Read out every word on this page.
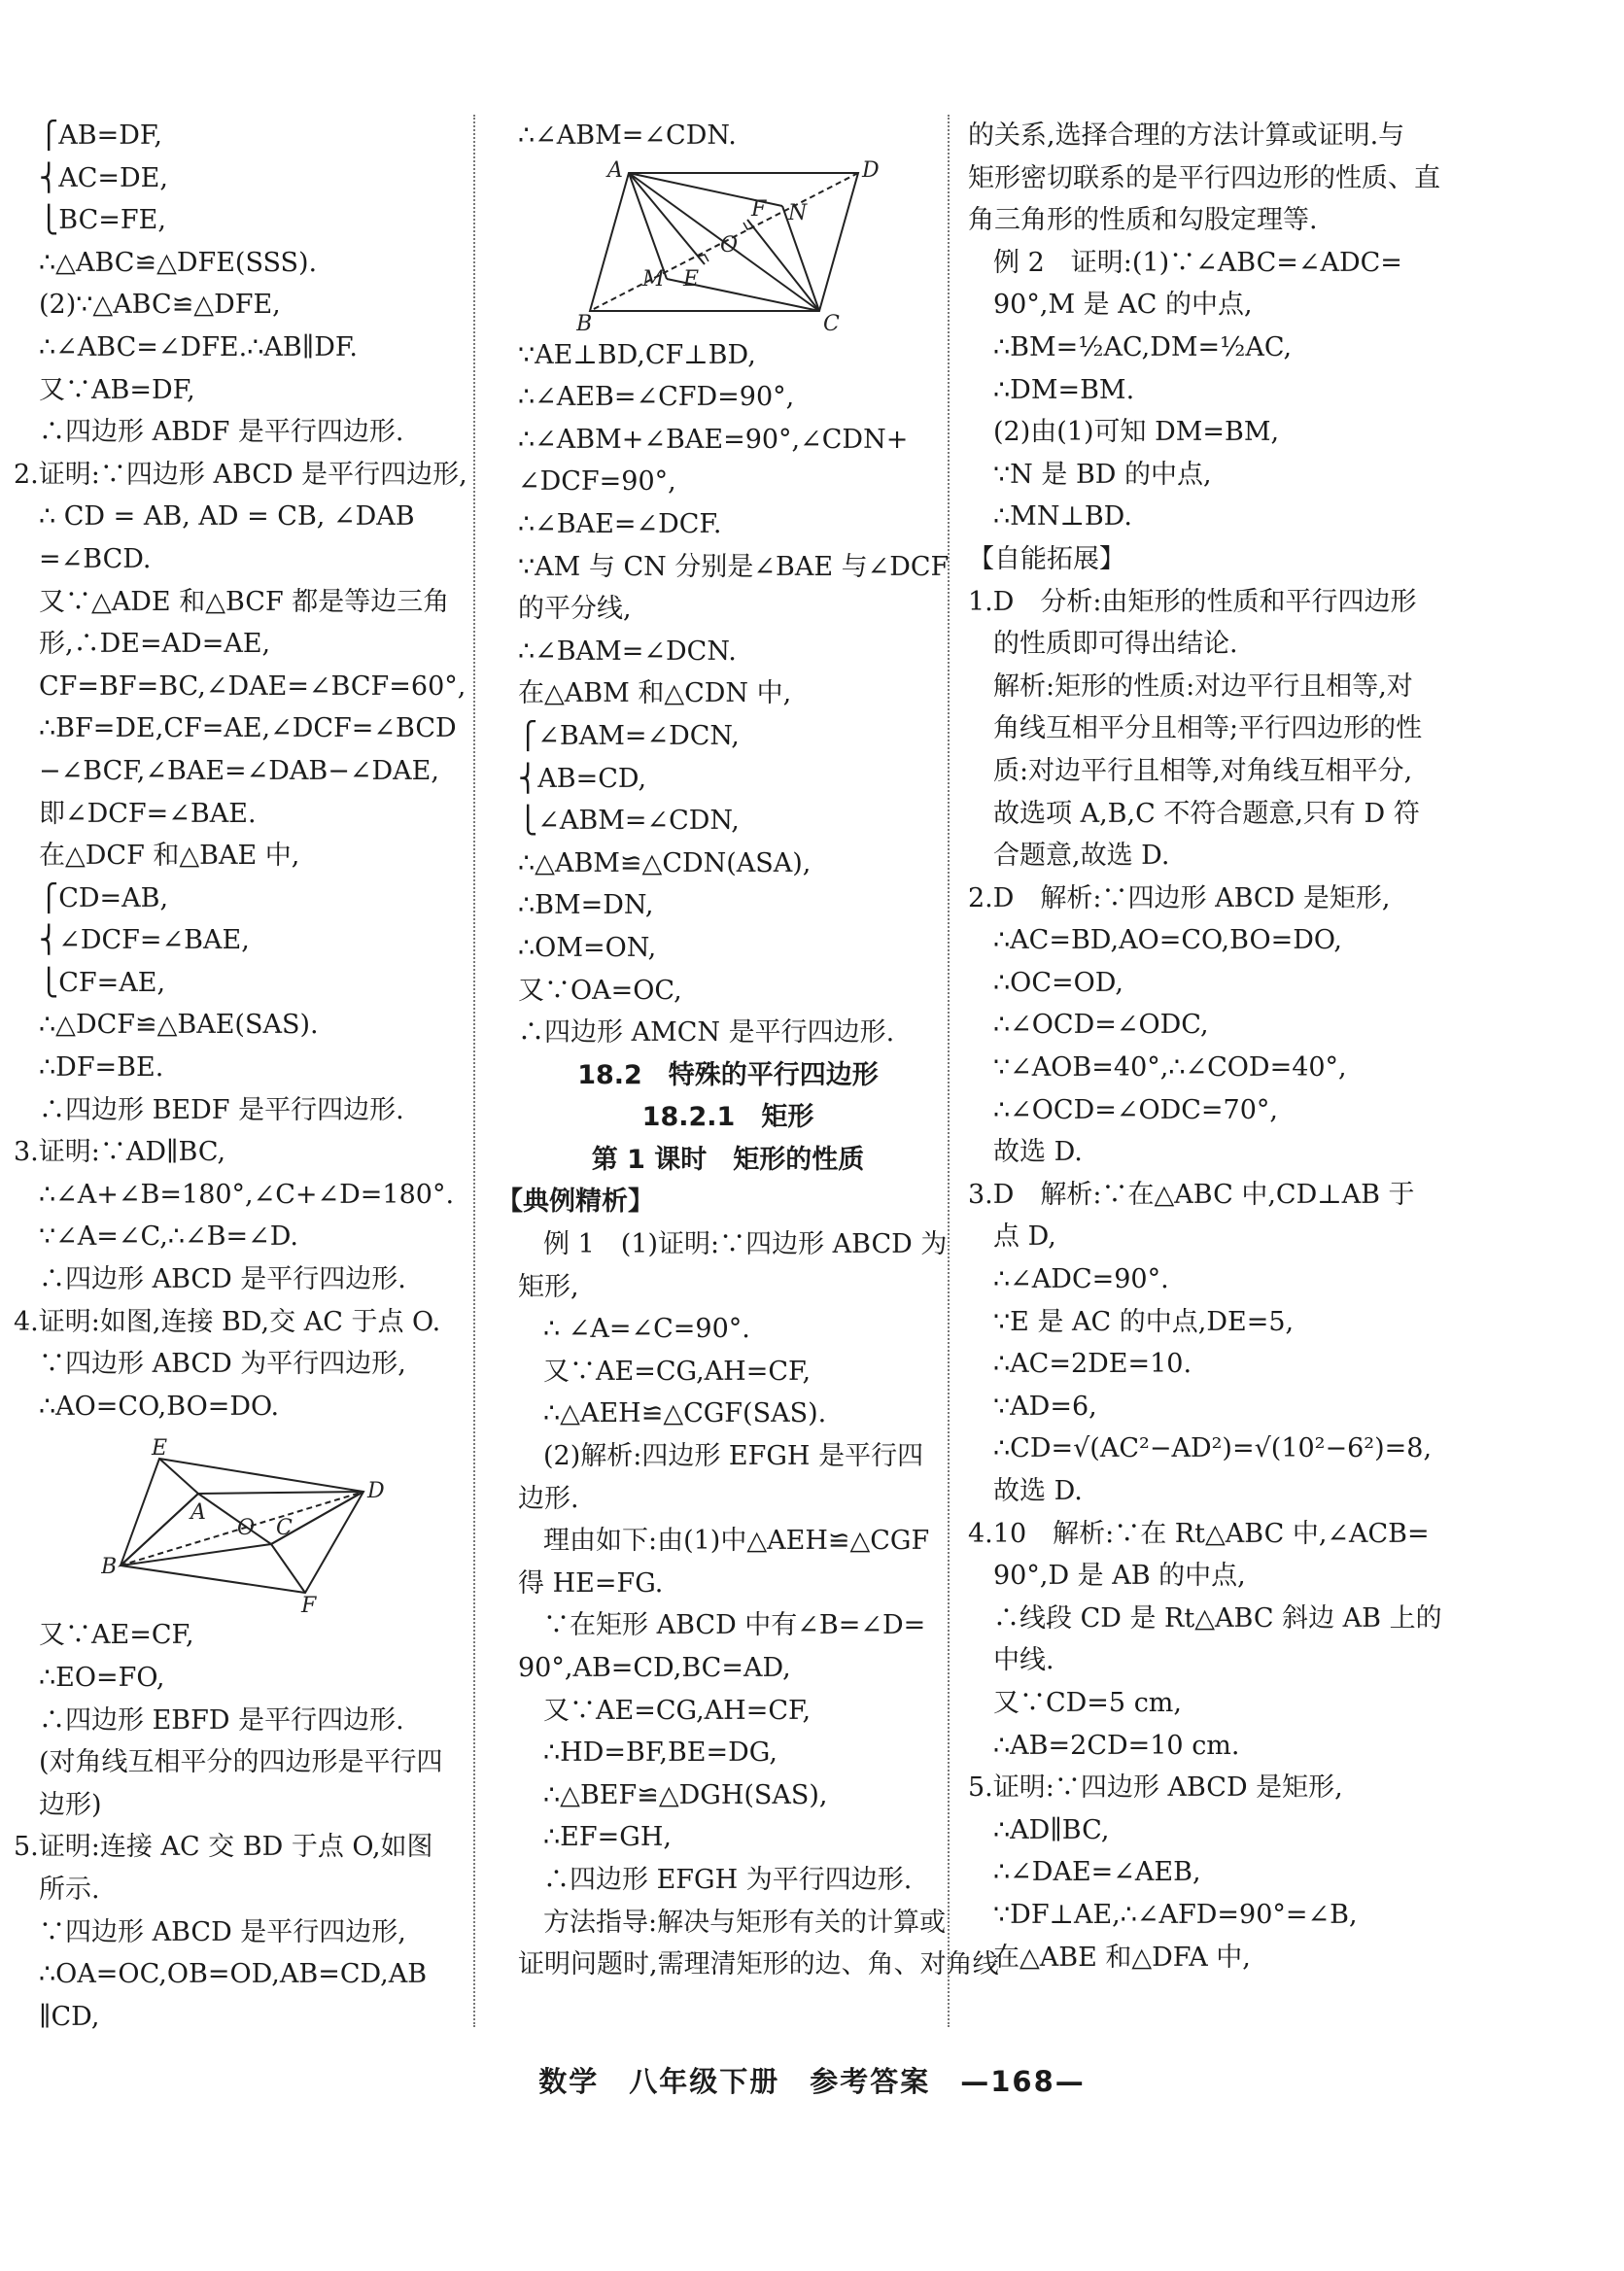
⎧AB=DF,
⎨AC=DE,
⎩BC=FE,
∴△ABC≌△DFE(SSS).
(2)∵△ABC≌△DFE,
∴∠ABC=∠DFE.∴AB∥DF.
又∵AB=DF,
∴四边形 ABDF 是平行四边形.
2.证明:∵四边形 ABCD 是平行四边形,
∴ CD = AB, AD = CB, ∠DAB
=∠BCD.
又∵△ADE 和△BCF 都是等边三角
形,∴DE=AD=AE,
CF=BF=BC,∠DAE=∠BCF=60°,
∴BF=DE,CF=AE,∠DCF=∠BCD
−∠BCF,∠BAE=∠DAB−∠DAE,
即∠DCF=∠BAE.
在△DCF 和△BAE 中,
⎧CD=AB,
⎨∠DCF=∠BAE,
⎩CF=AE,
∴△DCF≌△BAE(SAS).
∴DF=BE.
∴四边形 BEDF 是平行四边形.
3.证明:∵AD∥BC,
∴∠A+∠B=180°,∠C+∠D=180°.
∵∠A=∠C,∴∠B=∠D.
∴四边形 ABCD 是平行四边形.
4.证明:如图,连接 BD,交 AC 于点 O.
∵四边形 ABCD 为平行四边形,
∴AO=CO,BO=DO.
E
D
A
O C
B
F
又∵AE=CF,
∴EO=FO,
∴四边形 EBFD 是平行四边形.
(对角线互相平分的四边形是平行四
边形)
5.证明:连接 AC 交 BD 于点 O,如图
所示.
∵四边形 ABCD 是平行四边形,
∴OA=OC,OB=OD,AB=CD,AB
∥CD,
∴∠ABM=∠CDN.
A	D
F N
O
M E
B	C
∵AE⊥BD,CF⊥BD,
∴∠AEB=∠CFD=90°,
∴∠ABM+∠BAE=90°,∠CDN+
∠DCF=90°,
∴∠BAE=∠DCF.
∵AM 与 CN 分别是∠BAE 与∠DCF
的平分线,
∴∠BAM=∠DCN.
在△ABM 和△CDN 中,
⎧∠BAM=∠DCN,
⎨AB=CD,
⎩∠ABM=∠CDN,
∴△ABM≌△CDN(ASA),
∴BM=DN,
∴OM=ON,
又∵OA=OC,
∴四边形 AMCN 是平行四边形.
18.2　特殊的平行四边形
18.2.1　矩形
第 1 课时　矩形的性质
【典例精析】
例 1　(1)证明:∵四边形 ABCD 为
矩形,
∴ ∠A=∠C=90°.
又∵AE=CG,AH=CF,
∴△AEH≌△CGF(SAS).
(2)解析:四边形 EFGH 是平行四
边形.
理由如下:由(1)中△AEH≌△CGF
得 HE=FG.
∵在矩形 ABCD 中有∠B=∠D=
90°,AB=CD,BC=AD,
又∵AE=CG,AH=CF,
∴HD=BF,BE=DG,
∴△BEF≌△DGH(SAS),
∴EF=GH,
∴四边形 EFGH 为平行四边形.
方法指导:解决与矩形有关的计算或
证明问题时,需理清矩形的边、角、对角线
的关系,选择合理的方法计算或证明.与
矩形密切联系的是平行四边形的性质、直
角三角形的性质和勾股定理等.
例 2　证明:(1)∵∠ABC=∠ADC=
90°,M 是 AC 的中点,
∴BM=½AC,DM=½AC,
∴DM=BM.
(2)由(1)可知 DM=BM,
∵N 是 BD 的中点,
∴MN⊥BD.
【自能拓展】
1.D　分析:由矩形的性质和平行四边形
的性质即可得出结论.
解析:矩形的性质:对边平行且相等,对
角线互相平分且相等;平行四边形的性
质:对边平行且相等,对角线互相平分,
故选项 A,B,C 不符合题意,只有 D 符
合题意,故选 D.
2.D　解析:∵四边形 ABCD 是矩形,
∴AC=BD,AO=CO,BO=DO,
∴OC=OD,
∴∠OCD=∠ODC,
∵∠AOB=40°,∴∠COD=40°,
∴∠OCD=∠ODC=70°,
故选 D.
3.D　解析:∵在△ABC 中,CD⊥AB 于
点 D,
∴∠ADC=90°.
∵E 是 AC 的中点,DE=5,
∴AC=2DE=10.
∵AD=6,
∴CD=√(AC²−AD²)=√(10²−6²)=8,
故选 D.
4.10　解析:∵在 Rt△ABC 中,∠ACB=
90°,D 是 AB 的中点,
∴线段 CD 是 Rt△ABC 斜边 AB 上的
中线.
又∵CD=5 cm,
∴AB=2CD=10 cm.
5.证明:∵四边形 ABCD 是矩形,
∴AD∥BC,
∴∠DAE=∠AEB,
∵DF⊥AE,∴∠AFD=90°=∠B,
在△ABE 和△DFA 中,
数学　八年级下册　参考答案　—168—
